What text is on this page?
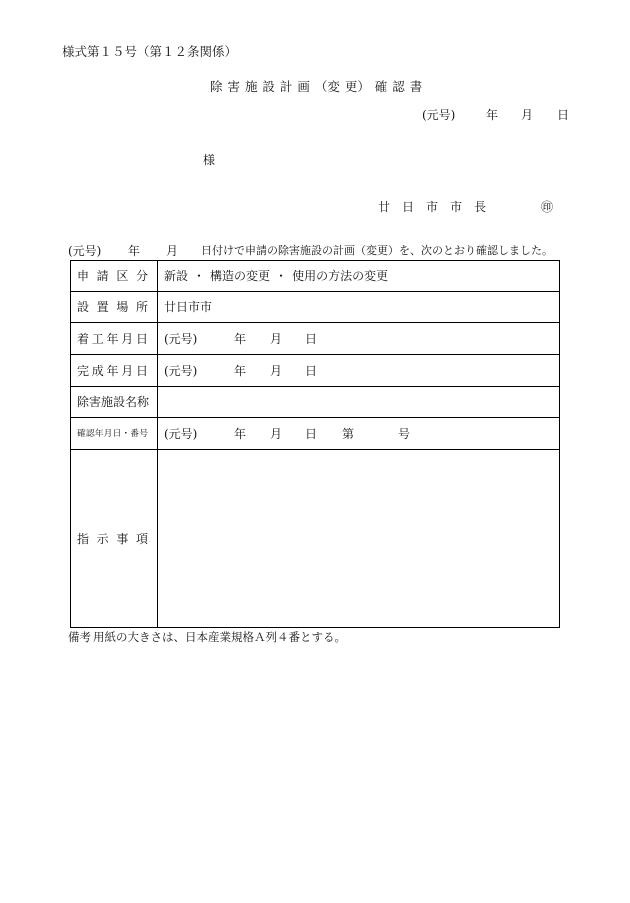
様式第１５号（第１２条関係）
除 害 施 設 計 画 （変 更） 確 認 書
(元号)	年 月 日
様
廿　日　市　市　長	㊞
(元号) 年 月 日付けで申請の除害施設の計画（変更）を、次のとおり確認しました。
申 請 区 分 新設 ・ 構造の変更 ・ 使用の方法の変更
設 置 場 所 廿日市市
着工年月日 (元号)	年 月 日
完成年月日 (元号)	年 月 日
除害施設名称
確認年月日・番号 (元号)	年 月 日 第	号
指 示 事 項
備考 用紙の大きさは、日本産業規格Ａ列４番とする。
